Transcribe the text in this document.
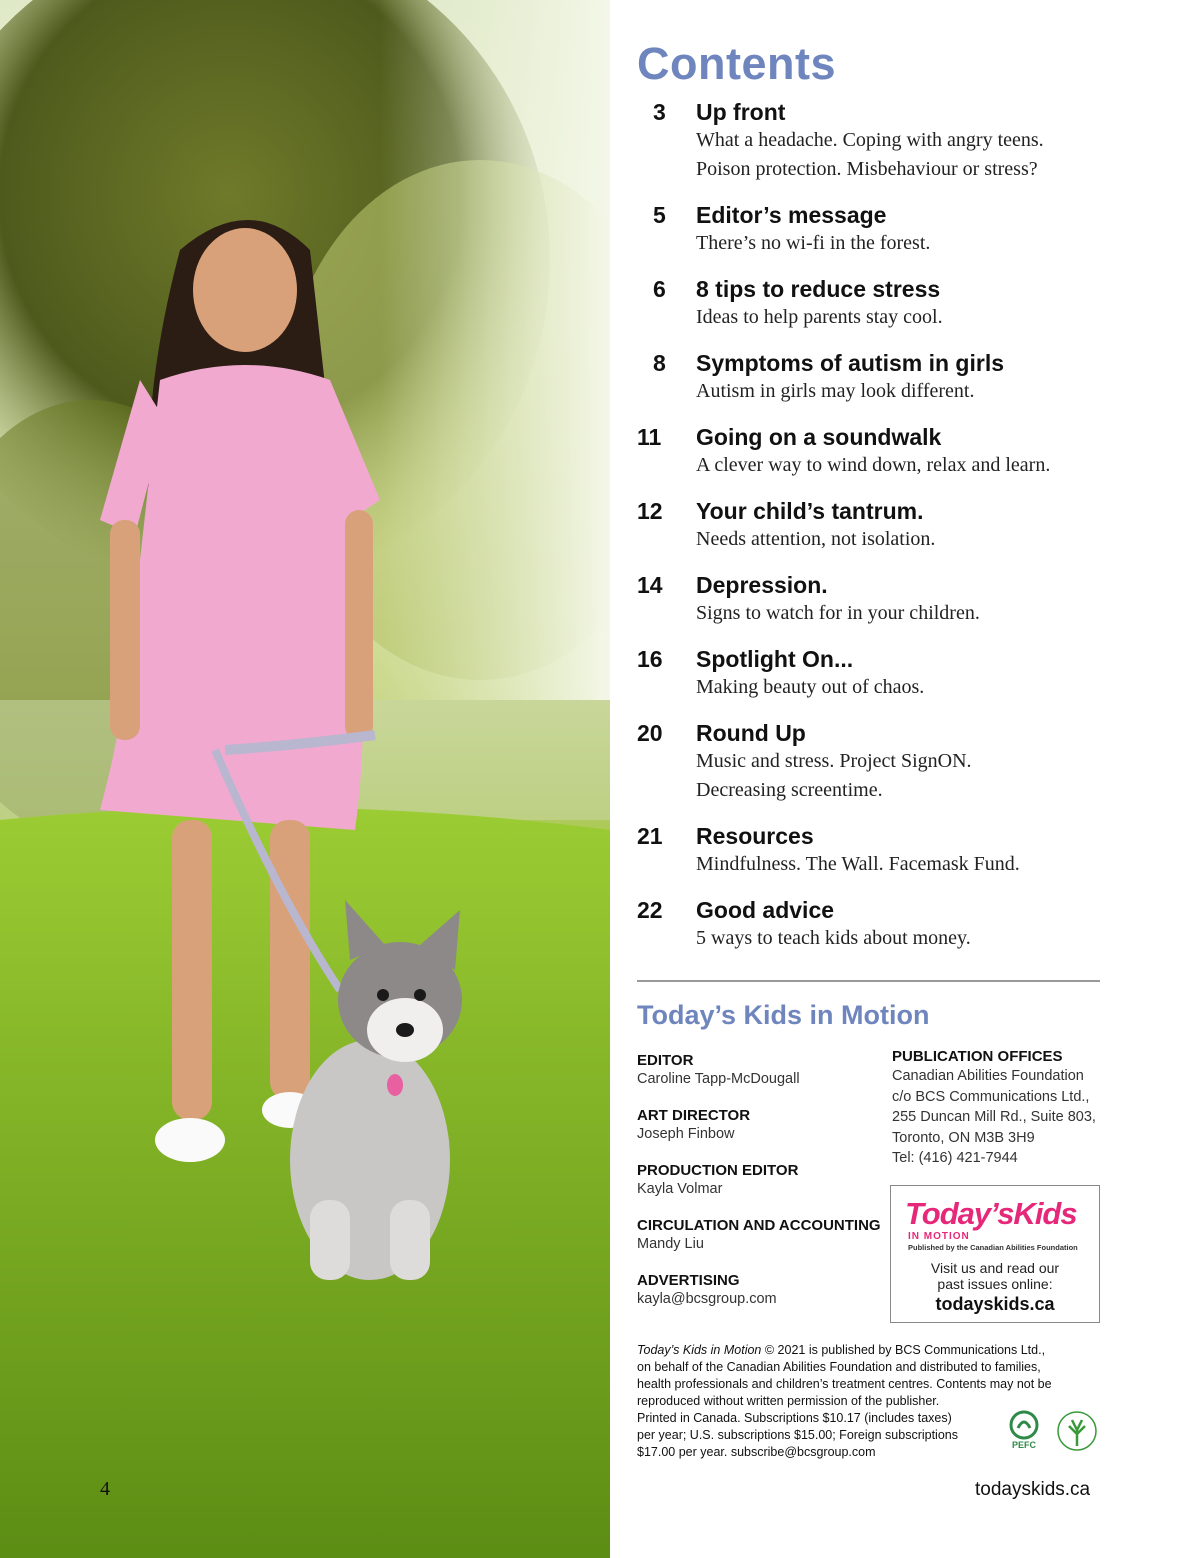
4
Contents
3	Up front
What a headache. Coping with angry teens.
Poison protection. Misbehaviour or stress?
5	Editor’s message
There’s no wi-fi in the forest.
6	8 tips to reduce stress
Ideas to help parents stay cool.
8	Symptoms of autism in girls
Autism in girls may look different.
11	Going on a soundwalk
A clever way to wind down, relax and learn.
12	Your child’s tantrum.
Needs attention, not isolation.
14	Depression.
Signs to watch for in your children.
16	Spotlight On...
Making beauty out of chaos.
20	Round Up
Music and stress. Project SignON.
Decreasing screentime.
21	Resources
Mindfulness. The Wall. Facemask Fund.
22	Good advice
5 ways to teach kids about money.
Today’s Kids in Motion
EDITOR
Caroline Tapp-McDougall
ART DIRECTOR
Joseph Finbow
PRODUCTION EDITOR
Kayla Volmar
CIRCULATION AND ACCOUNTING
Mandy Liu
ADVERTISING
kayla@bcsgroup.com
PUBLICATION OFFICES
Canadian Abilities Foundation
c/o BCS Communications Ltd.,
255 Duncan Mill Rd., Suite 803,
Toronto, ON M3B 3H9
Tel: (416) 421-7944
Today’sKids
IN MOTION
Published by the Canadian Abilities Foundation
Visit us and read our
past issues online:
todayskids.ca

Today’s Kids in Motion © 2021 is published by BCS Communications Ltd.,
on behalf of the Canadian Abilities Foundation and distributed to families,
health professionals and children’s treatment centres. Contents may not be
reproduced without written permission of the publisher.
Printed in Canada. Subscriptions $10.17 (includes taxes)
per year; U.S. subscriptions $15.00; Foreign subscriptions
$17.00 per year. subscribe@bcsgroup.com	PEFC
todayskids.ca
